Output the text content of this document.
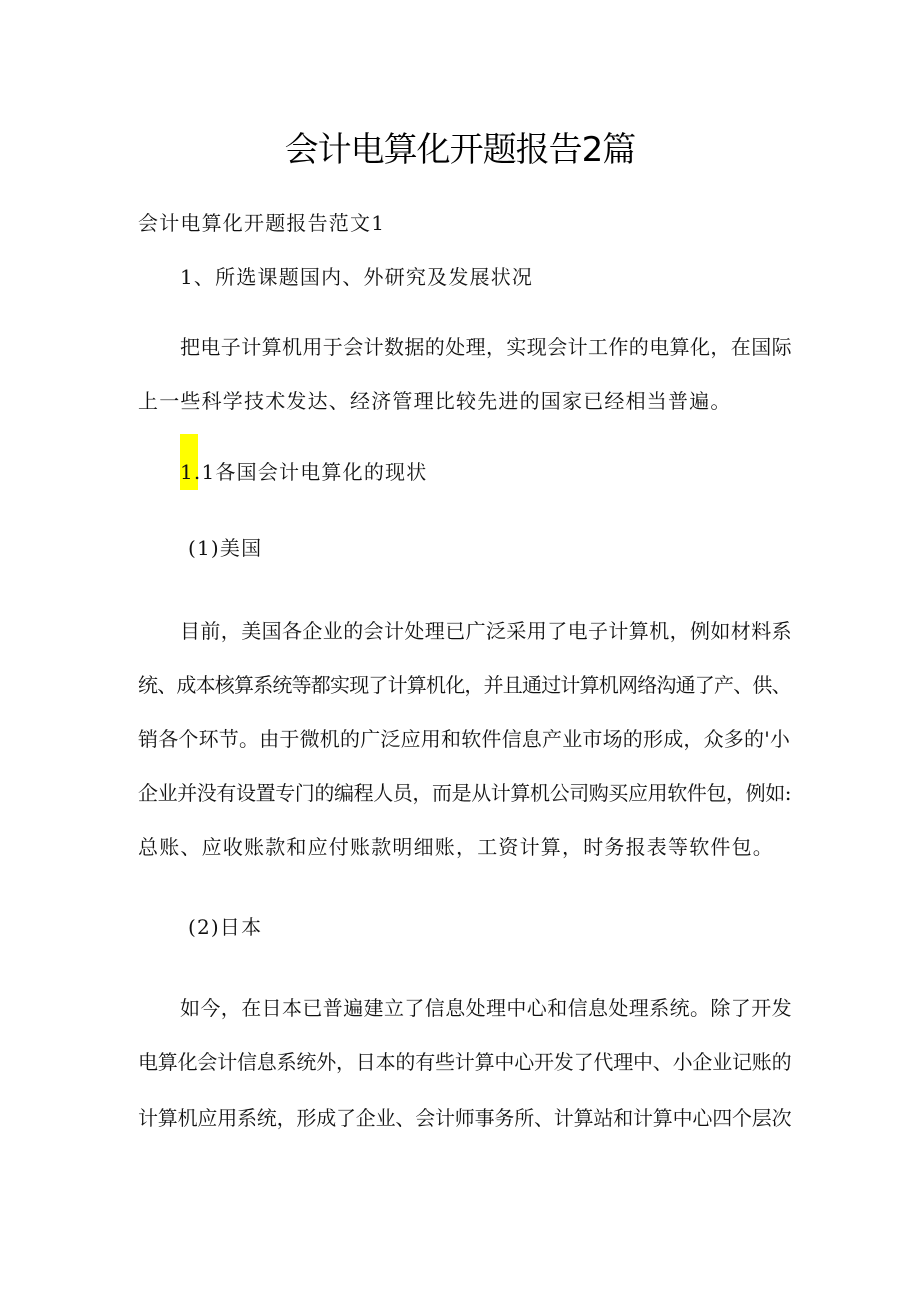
会计电算化开题报告2篇
会计电算化开题报告范文1
1、所选课题国内、外研究及发展状况
把电子计算机用于会计数据的处理，实现会计工作的电算化，在国际
上一些科学技术发达、经济管理比较先进的国家已经相当普遍。
1.1各国会计电算化的现状
(1)美国
目前，美国各企业的会计处理已广泛采用了电子计算机，例如材料系
统、成本核算系统等都实现了计算机化，并且通过计算机网络沟通了产、供、
销各个环节。由于微机的广泛应用和软件信息产业市场的形成，众多的'小
企业并没有设置专门的编程人员，而是从计算机公司购买应用软件包，例如:
总账、应收账款和应付账款明细账，工资计算，时务报表等软件包。
(2)日本
如今，在日本已普遍建立了信息处理中心和信息处理系统。除了开发
电算化会计信息系统外，日本的有些计算中心开发了代理中、小企业记账的
计算机应用系统，形成了企业、会计师事务所、计算站和计算中心四个层次
